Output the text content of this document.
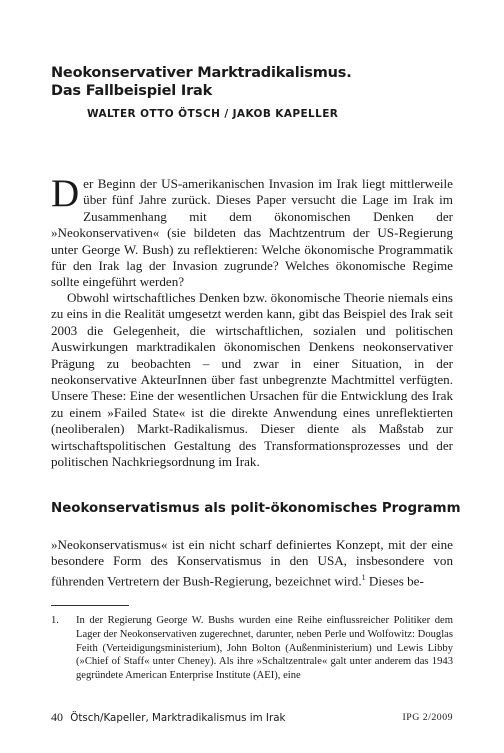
Neokonservativer Marktradikalismus.
Das Fallbeispiel Irak
WALTER OTTO ÖTSCH / JAKOB KAPELLER

Der Beginn der US-amerikanischen Invasion im Irak liegt mittlerweile über fünf Jahre zurück. Dieses Paper versucht die Lage im Irak im Zusammenhang mit dem ökonomischen Denken der »Neokonservativen« (sie bildeten das Machtzentrum der US-Regierung unter George W. Bush) zu reflektieren: Welche ökonomische Programmatik für den Irak lag der Invasion zugrunde? Welches ökonomische Regime sollte eingeführt werden?

Obwohl wirtschaftliches Denken bzw. ökonomische Theorie niemals eins zu eins in die Realität umgesetzt werden kann, gibt das Beispiel des Irak seit 2003 die Gelegenheit, die wirtschaftlichen, sozialen und politischen Auswirkungen marktradikalen ökonomischen Denkens neokonservativer Prägung zu beobachten – und zwar in einer Situation, in der neokonservative AkteurInnen über fast unbegrenzte Machtmittel verfügten. Unsere These: Eine der wesentlichen Ursachen für die Entwicklung des Irak zu einem »Failed State« ist die direkte Anwendung eines unreflektierten (neoliberalen) Markt-Radikalismus. Dieser diente als Maßstab zur wirtschaftspolitischen Gestaltung des Transformationsprozesses und der politischen Nachkriegsordnung im Irak.

Neokonservatismus als polit-ökonomisches Programm

»Neokonservatismus« ist ein nicht scharf definiertes Konzept, mit der eine besondere Form des Konservatismus in den USA, insbesondere von führenden Vertretern der Bush-Regierung, bezeichnet wird.$^1$ Dieses be-

1. In der Regierung George W. Bushs wurden eine Reihe einflussreicher Politiker dem Lager der Neokonservativen zugerechnet, darunter, neben Perle und Wolfowitz: Douglas Feith (Verteidigungsministerium), John Bolton (Außenministerium) und Lewis Libby (»Chief of Staff« unter Cheney). Als ihre »Schaltzentrale« galt unter anderem das 1943 gegründete American Enterprise Institute (AEI), eine

40 Ötsch/Kapeller, Marktradikalismus im Irak	IPG 2/2009
